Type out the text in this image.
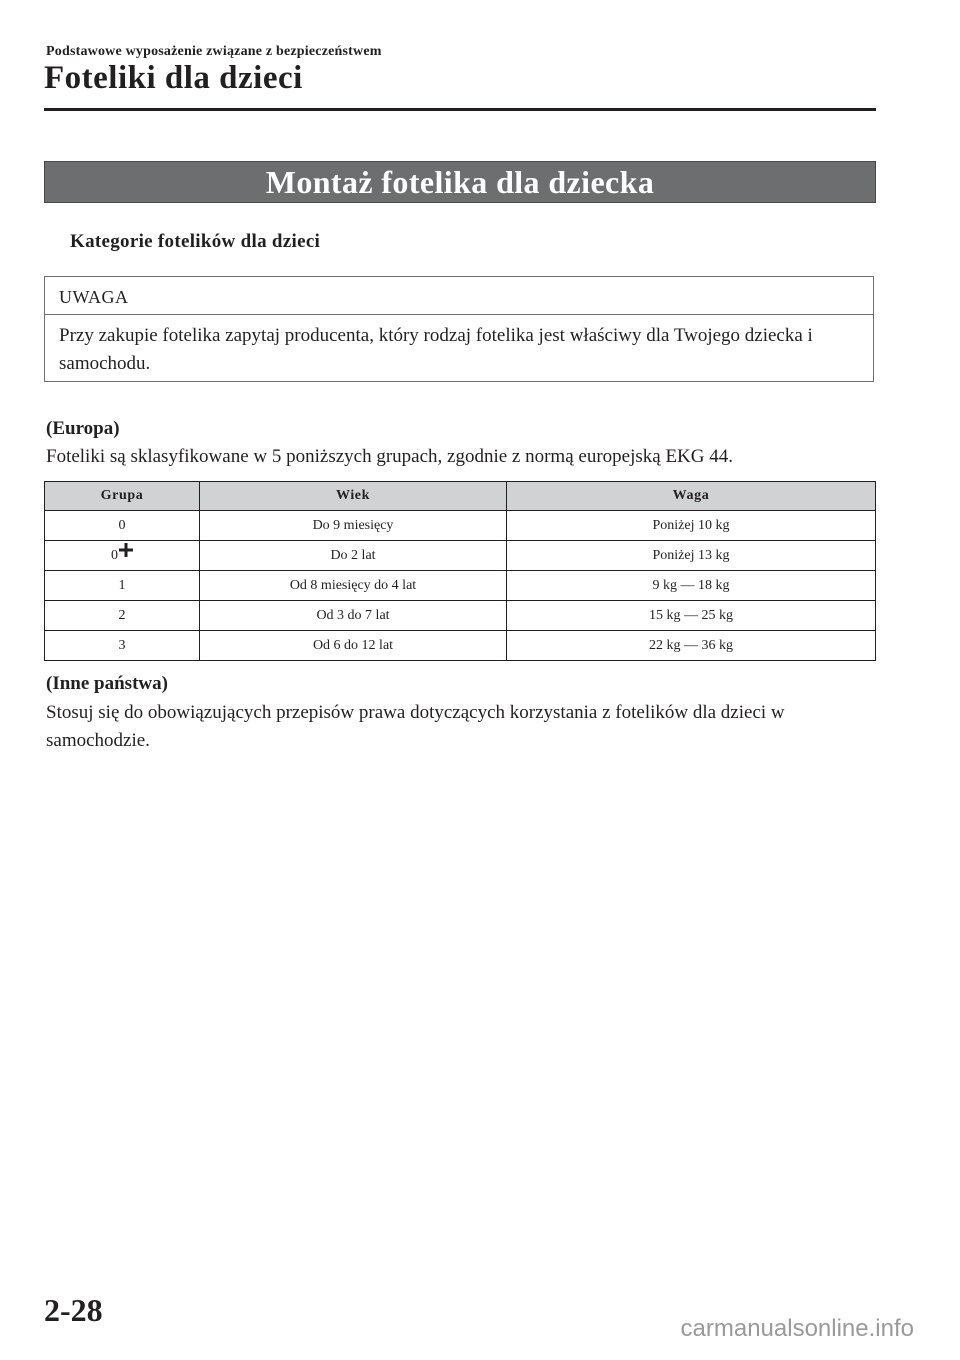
Podstawowe wyposażenie związane z bezpieczeństwem
Foteliki dla dzieci
Montaż fotelika dla dziecka
Kategorie fotelików dla dzieci
UWAGA
Przy zakupie fotelika zapytaj producenta, który rodzaj fotelika jest właściwy dla Twojego dziecka i samochodu.
(Europa)
Foteliki są sklasyfikowane w 5 poniższych grupach, zgodnie z normą europejską EKG 44.
Grupa	Wiek	Waga
0	Do 9 miesięcy	Poniżej 10 kg
0	Do 2 lat	Poniżej 13 kg
1	Od 8 miesięcy do 4 lat	9 kg — 18 kg
2	Od 3 do 7 lat	15 kg — 25 kg
3	Od 6 do 12 lat	22 kg — 36 kg
(Inne państwa)
Stosuj się do obowiązujących przepisów prawa dotyczących korzystania z fotelików dla dzieci w samochodzie.
2-28
carmanualsonline.info
